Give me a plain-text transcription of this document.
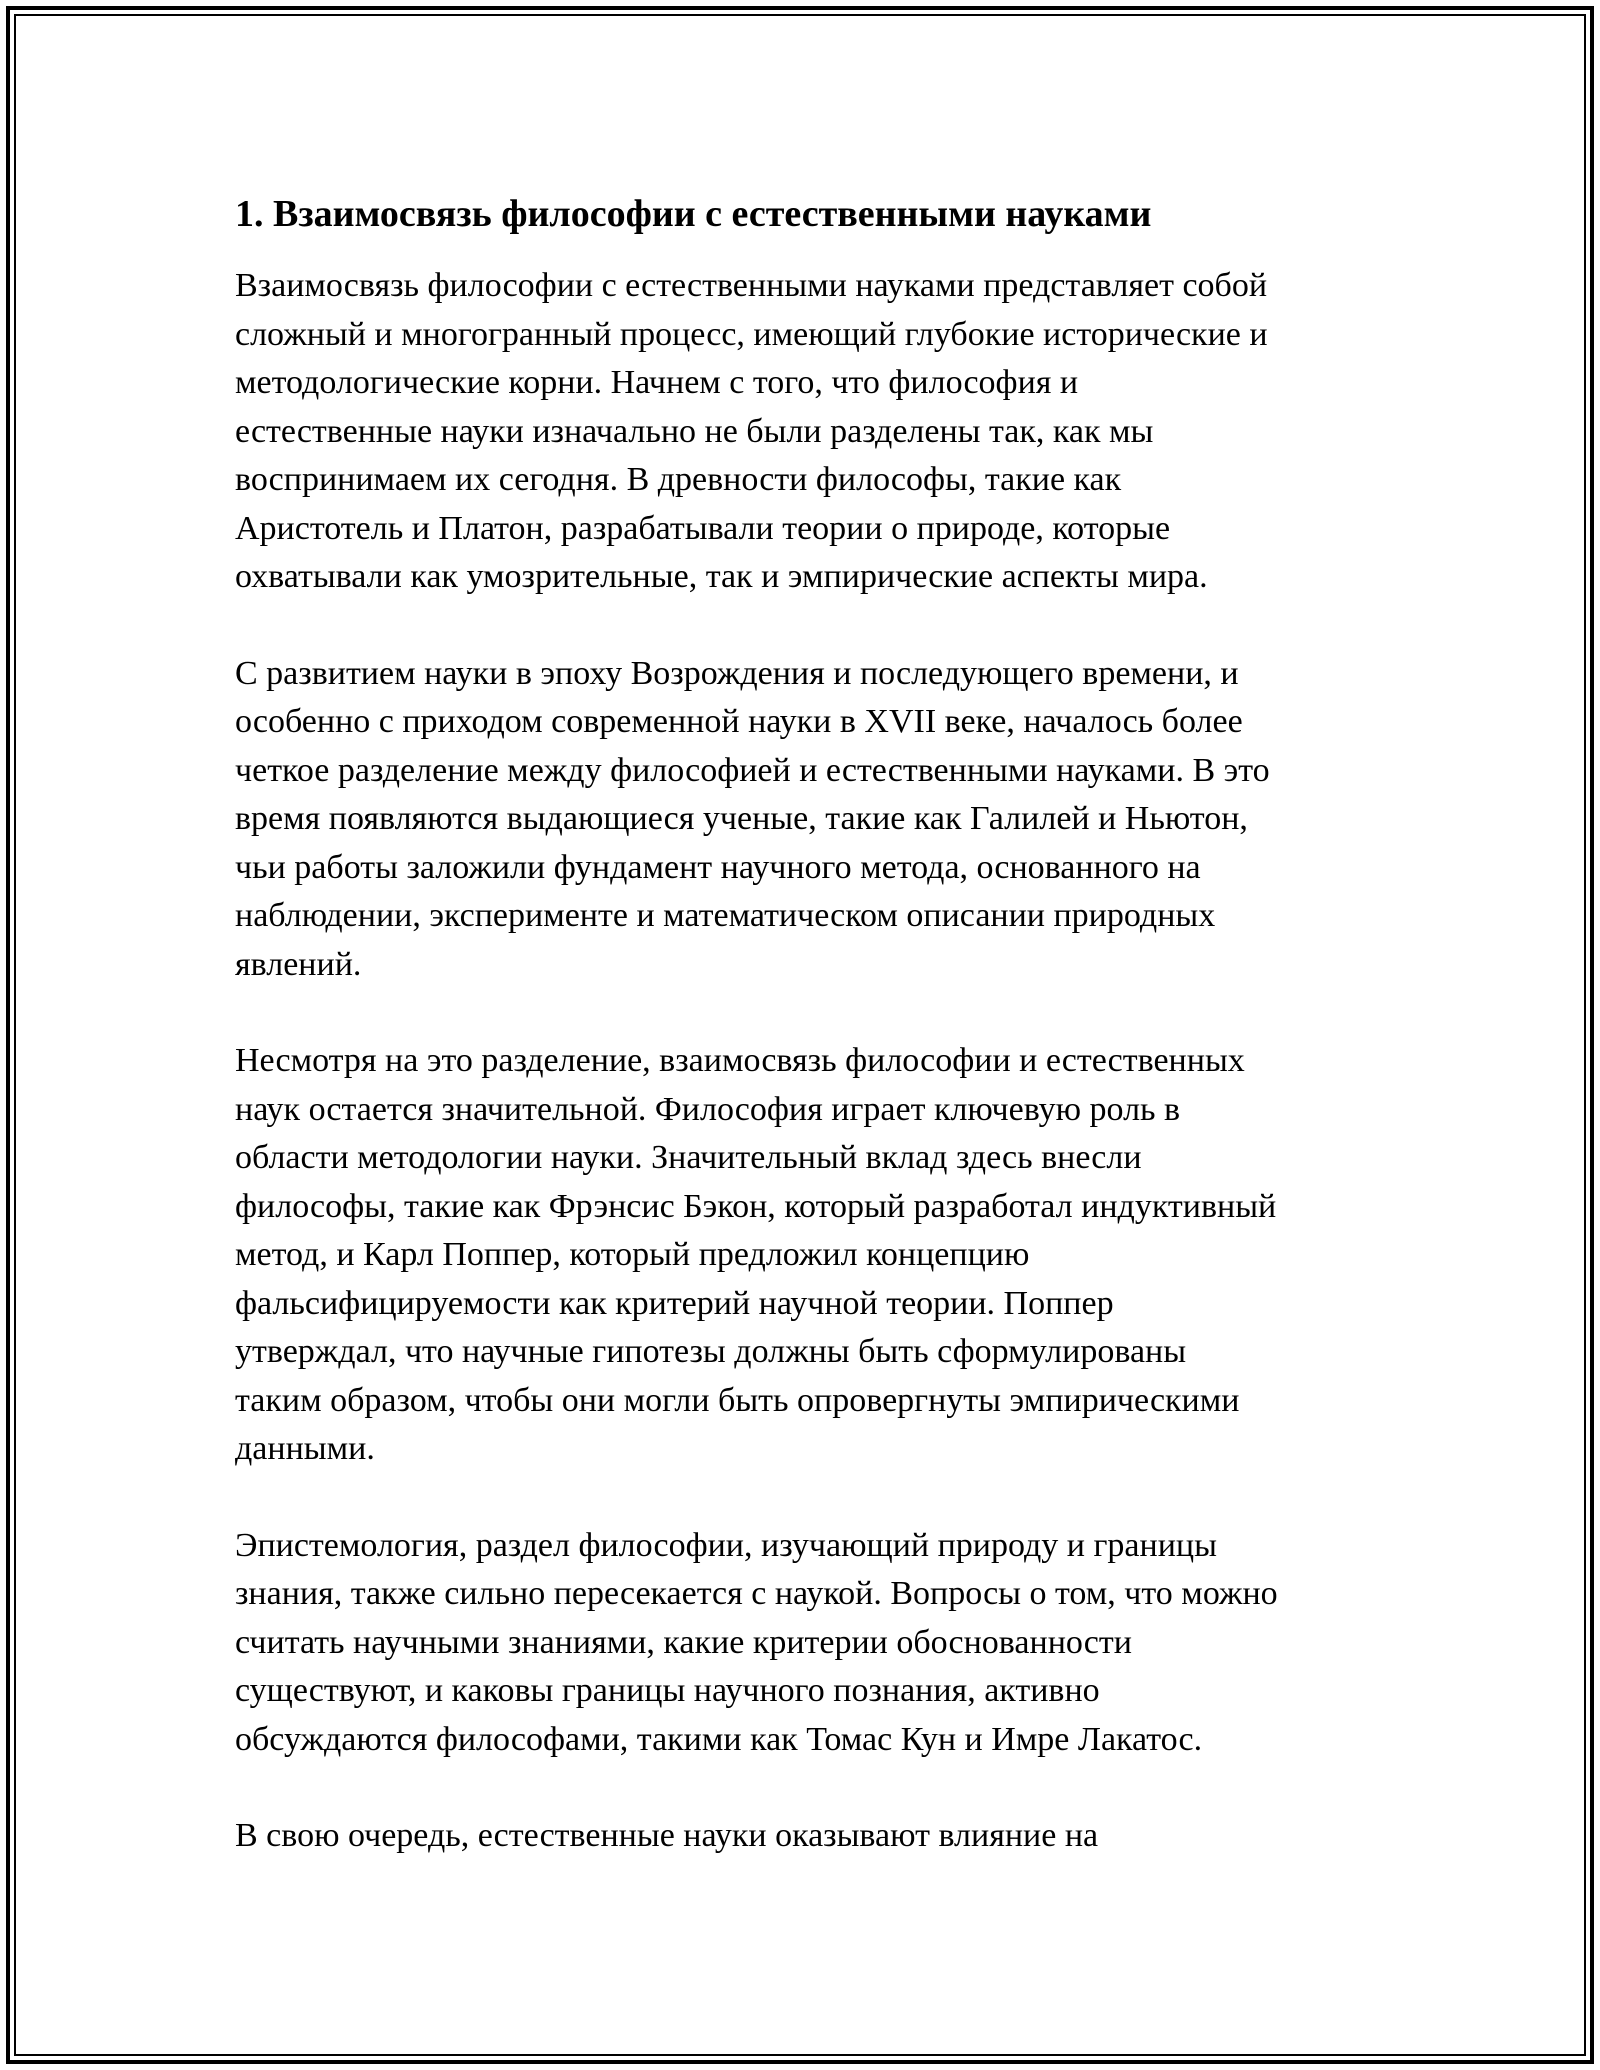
1. Взаимосвязь философии с естественными науками

Взаимосвязь философии с естественными науками представляет собой
сложный и многогранный процесс, имеющий глубокие исторические и
методологические корни. Начнем с того, что философия и
естественные науки изначально не были разделены так, как мы
воспринимаем их сегодня. В древности философы, такие как
Аристотель и Платон, разрабатывали теории о природе, которые
охватывали как умозрительные, так и эмпирические аспекты мира.

С развитием науки в эпоху Возрождения и последующего времени, и
особенно с приходом современной науки в XVII веке, началось более
четкое разделение между философией и естественными науками. В это
время появляются выдающиеся ученые, такие как Галилей и Ньютон,
чьи работы заложили фундамент научного метода, основанного на
наблюдении, эксперименте и математическом описании природных
явлений.

Несмотря на это разделение, взаимосвязь философии и естественных
наук остается значительной. Философия играет ключевую роль в
области методологии науки. Значительный вклад здесь внесли
философы, такие как Фрэнсис Бэкон, который разработал индуктивный
метод, и Карл Поппер, который предложил концепцию
фальсифицируемости как критерий научной теории. Поппер
утверждал, что научные гипотезы должны быть сформулированы
таким образом, чтобы они могли быть опровергнуты эмпирическими
данными.

Эпистемология, раздел философии, изучающий природу и границы
знания, также сильно пересекается с наукой. Вопросы о том, что можно
считать научными знаниями, какие критерии обоснованности
существуют, и каковы границы научного познания, активно
обсуждаются философами, такими как Томас Кун и Имре Лакатос.

В свою очередь, естественные науки оказывают влияние на
